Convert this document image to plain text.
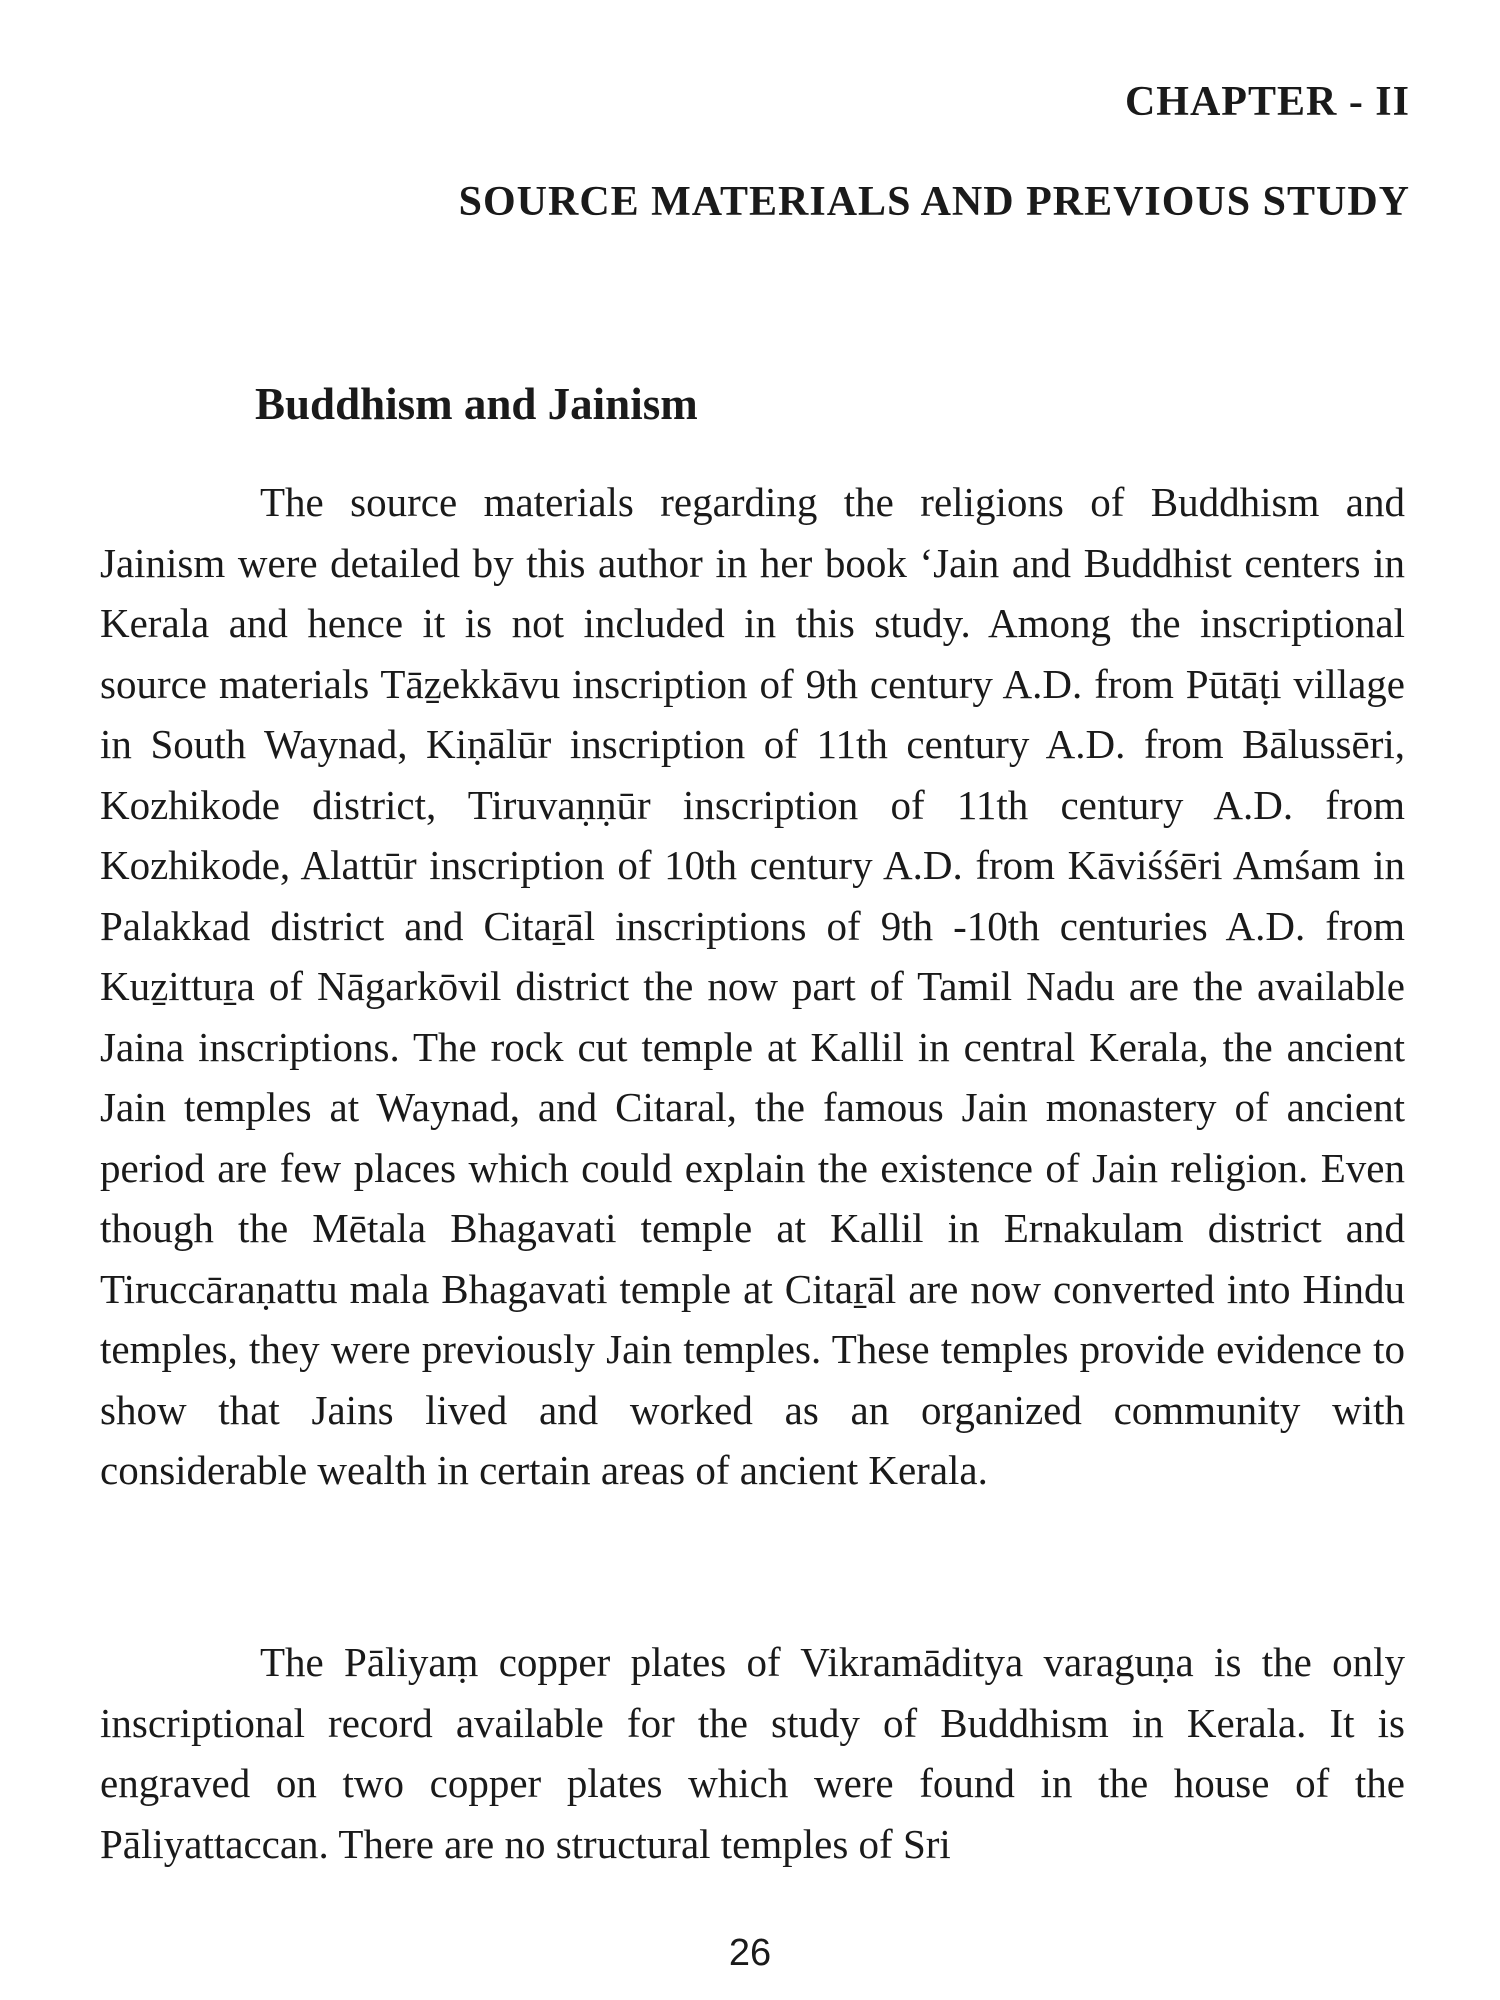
CHAPTER - II
SOURCE MATERIALS AND PREVIOUS STUDY
Buddhism and Jainism

The source materials regarding the religions of Buddhism and Jainism were detailed by this author in her book ‘Jain and Buddhist centers in Kerala and hence it is not included in this study. Among the inscriptional source materials Tāẕekkāvu inscription of 9th century A.D. from Pūtāṭi village in South Waynad, Kiṇālūr inscription of 11th century A.D. from Bālussēri, Kozhikode district, Tiruvaṇṇūr inscription of 11th century A.D. from Kozhikode, Alattūr inscription of 10th century A.D. from Kāviśśēri Amśam in Palakkad district and Citaṟāl inscriptions of 9th -10th centuries A.D. from Kuẕittuṟa of Nāgarkōvil district the now part of Tamil Nadu are the available Jaina inscriptions. The rock cut temple at Kallil in central Kerala, the ancient Jain temples at Waynad, and Citaral, the famous Jain monastery of ancient period are few places which could explain the existence of Jain religion. Even though the Mētala Bhagavati temple at Kallil in Ernakulam district and Tiruccāraṇattu mala Bhagavati temple at Citaṟāl are now converted into Hindu temples, they were previously Jain temples. These temples provide evidence to show that Jains lived and worked as an organized community with considerable wealth in certain areas of ancient Kerala.

The Pāliyaṃ copper plates of Vikramāditya varaguṇa is the only inscriptional record available for the study of Buddhism in Kerala. It is engraved on two copper plates which were found in the house of the Pāliyattaccan. There are no structural temples of Sri

26
